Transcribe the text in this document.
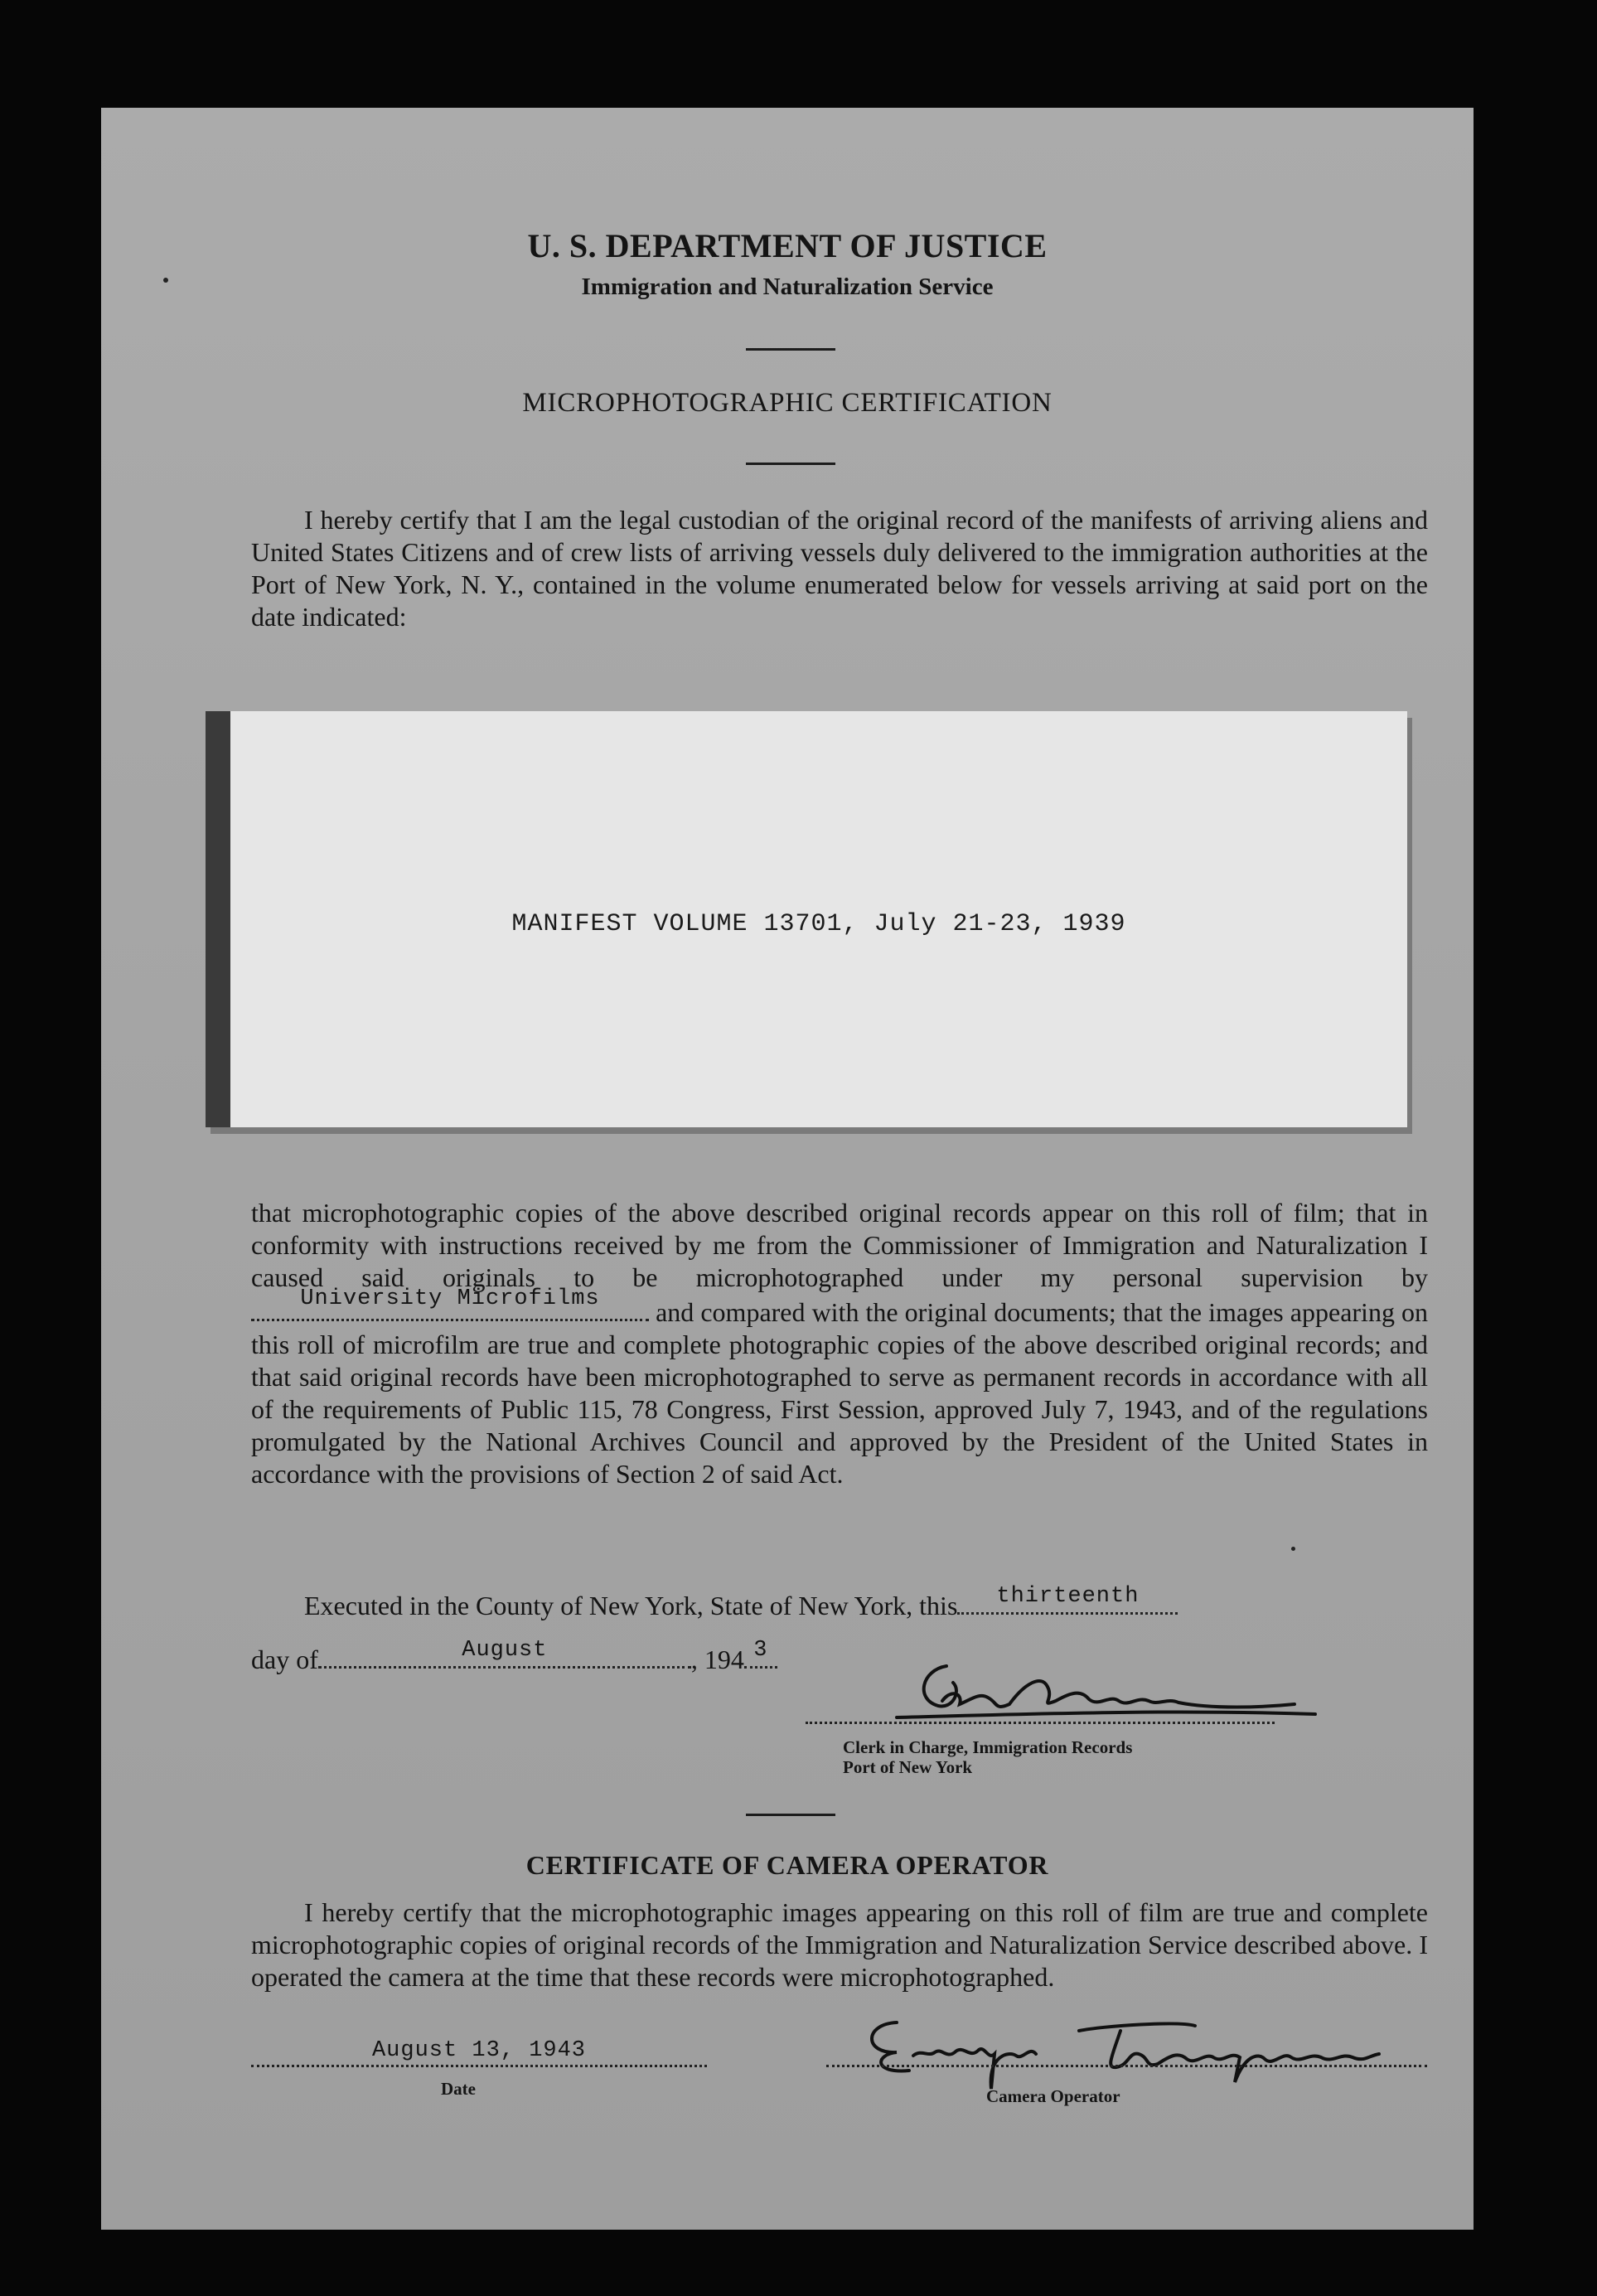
U. S. DEPARTMENT OF JUSTICE
Immigration and Naturalization Service
MICROPHOTOGRAPHIC CERTIFICATION
I hereby certify that I am the legal custodian of the original record of the manifests of arriving aliens and United States Citizens and of crew lists of arriving vessels duly delivered to the immigration authorities at the Port of New York, N. Y., contained in the volume enumerated below for vessels arriving at said port on the date indicated:
MANIFEST VOLUME 13701, July 21-23, 1939
that microphotographic copies of the above described original records appear on this roll of film; that in conformity with instructions received by me from the Commissioner of Immigration and Naturalization I caused said originals to be microphotographed under my personal supervision by
University Microfilms	and compared with the original documents; that the images appearing on this roll of microfilm are true and complete photographic copies of the above described original records; and that said original records have been microphotographed to serve as permanent records in accordance with all of the requirements of Public 115, 78 Congress, First Session, approved July 7, 1943, and of the regulations promulgated by the National Archives Council and approved by the President of the United States in accordance with the provisions of Section 2 of said Act.
Executed in the County of New York, State of New York, this	thirteenth
day of	August	, 194 3
Clerk in Charge, Immigration Records
Port of New York
CERTIFICATE OF CAMERA OPERATOR
I hereby certify that the microphotographic images appearing on this roll of film are true and complete microphotographic copies of original records of the Immigration and Naturalization Service described above. I operated the camera at the time that these records were microphotographed.
August 13, 1943
Date	Camera Operator
